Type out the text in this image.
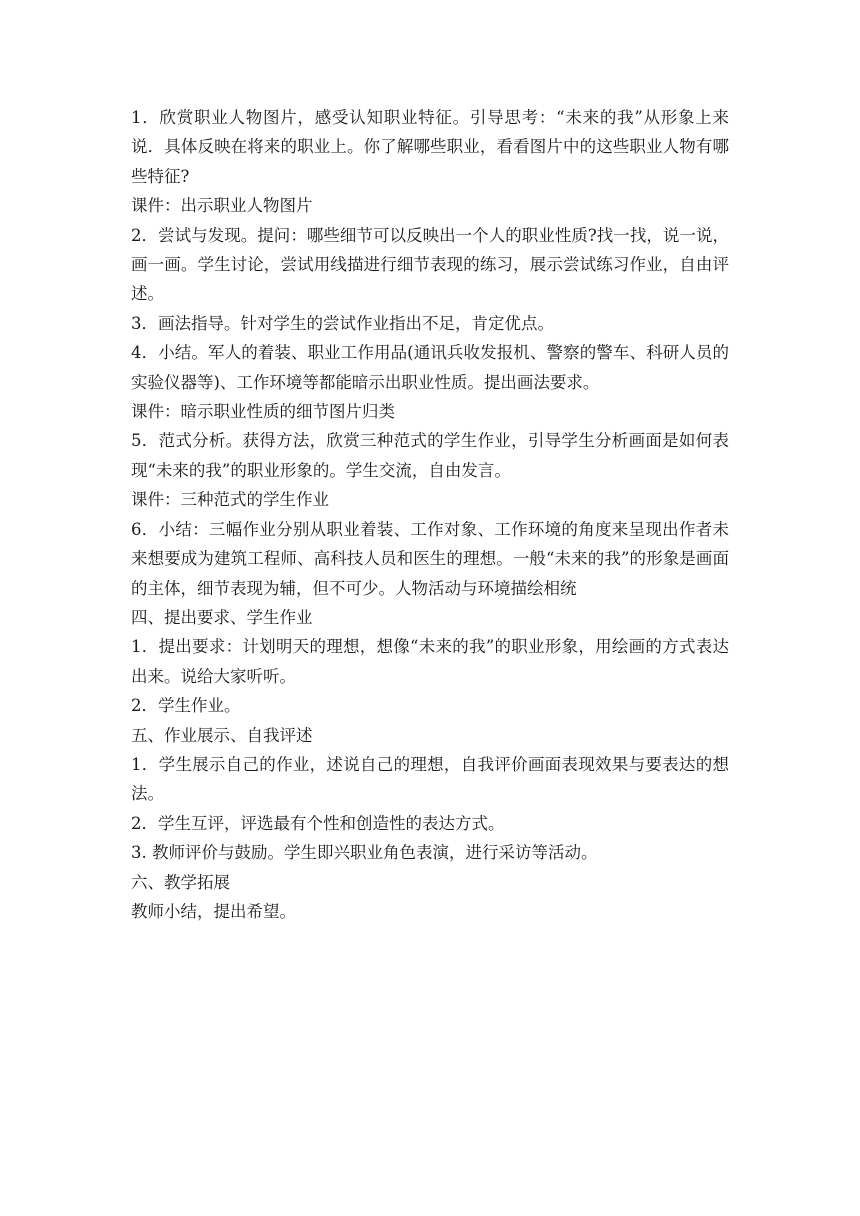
1．欣赏职业人物图片，感受认知职业特征。引导思考：“未来的我”从形象上来说．具体反映在将来的职业上。你了解哪些职业，看看图片中的这些职业人物有哪些特征?

课件：出示职业人物图片

2．尝试与发现。提问：哪些细节可以反映出一个人的职业性质?找一找，说一说，画一画。学生讨论，尝试用线描进行细节表现的练习，展示尝试练习作业，自由评述。

3．画法指导。针对学生的尝试作业指出不足，肯定优点。

4．小结。军人的着装、职业工作用品(通讯兵收发报机、警察的警车、科研人员的实验仪器等)、工作环境等都能暗示出职业性质。提出画法要求。

课件：暗示职业性质的细节图片归类

5．范式分析。获得方法，欣赏三种范式的学生作业，引导学生分析画面是如何表现“未来的我”的职业形象的。学生交流，自由发言。

课件：三种范式的学生作业

6．小结：三幅作业分别从职业着装、工作对象、工作环境的角度来呈现出作者未来想要成为建筑工程师、高科技人员和医生的理想。一般“未来的我”的形象是画面的主体，细节表现为辅，但不可少。人物活动与环境描绘相统

四、提出要求、学生作业

1．提出要求：计划明天的理想，想像“未来的我”的职业形象，用绘画的方式表达出来。说给大家听听。

2．学生作业。

五、作业展示、自我评述

1．学生展示自己的作业，述说自己的理想，自我评价画面表现效果与要表达的想法。

2．学生互评，评选最有个性和创造性的表达方式。

3. 教师评价与鼓励。学生即兴职业角色表演，进行采访等活动。

六、教学拓展

教师小结，提出希望。
